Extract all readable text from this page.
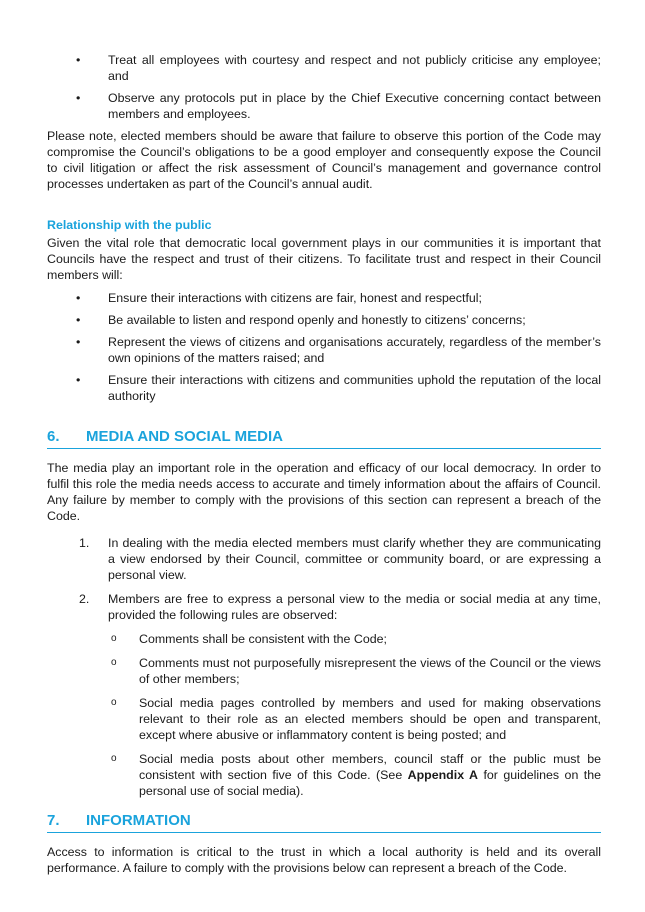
• Treat all employees with courtesy and respect and not publicly criticise any employee; and
• Observe any protocols put in place by the Chief Executive concerning contact between members and employees.

Please note, elected members should be aware that failure to observe this portion of the Code may compromise the Council’s obligations to be a good employer and consequently expose the Council to civil litigation or affect the risk assessment of Council’s management and governance control processes undertaken as part of the Council’s annual audit.

Relationship with the public

Given the vital role that democratic local government plays in our communities it is important that Councils have the respect and trust of their citizens. To facilitate trust and respect in their Council members will:

• Ensure their interactions with citizens are fair, honest and respectful;
• Be available to listen and respond openly and honestly to citizens’ concerns;
• Represent the views of citizens and organisations accurately, regardless of the member’s own opinions of the matters raised; and
• Ensure their interactions with citizens and communities uphold the reputation of the local authority
6. MEDIA AND SOCIAL MEDIA

The media play an important role in the operation and efficacy of our local democracy. In order to fulfil this role the media needs access to accurate and timely information about the affairs of Council. Any failure by member to comply with the provisions of this section can represent a breach of the Code.

1. In dealing with the media elected members must clarify whether they are communicating a view endorsed by their Council, committee or community board, or are expressing a personal view.

2. Members are free to express a personal view to the media or social media at any time, provided the following rules are observed:

o Comments shall be consistent with the Code;
o Comments must not purposefully misrepresent the views of the Council or the views of other members;
o Social media pages controlled by members and used for making observations relevant to their role as an elected members should be open and transparent, except where abusive or inflammatory content is being posted; and
o Social media posts about other members, council staff or the public must be consistent with section five of this Code. (See Appendix A for guidelines on the personal use of social media).
7. INFORMATION

Access to information is critical to the trust in which a local authority is held and its overall performance. A failure to comply with the provisions below can represent a breach of the Code.
